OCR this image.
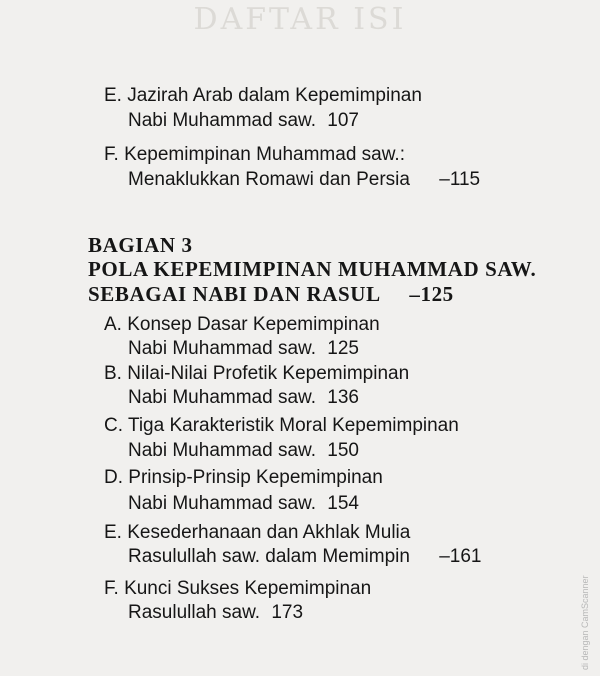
DAFTAR ISI
E. Jazirah Arab dalam Kepemimpinan
Nabi Muhammad saw. 107
F. Kepemimpinan Muhammad saw.:
Menaklukkan Romawi dan Persia –115
BAGIAN 3
POLA KEPEMIMPINAN MUHAMMAD SAW.
SEBAGAI NABI DAN RASUL –125
A. Konsep Dasar Kepemimpinan
Nabi Muhammad saw. 125
B. Nilai-Nilai Profetik Kepemimpinan
Nabi Muhammad saw. 136
C. Tiga Karakteristik Moral Kepemimpinan
Nabi Muhammad saw. 150
D. Prinsip-Prinsip Kepemimpinan
Nabi Muhammad saw. 154
E. Kesederhanaan dan Akhlak Mulia
Rasulullah saw. dalam Memimpin –161
F. Kunci Sukses Kepemimpinan
Rasulullah saw. 173	di dengan CamScanner
